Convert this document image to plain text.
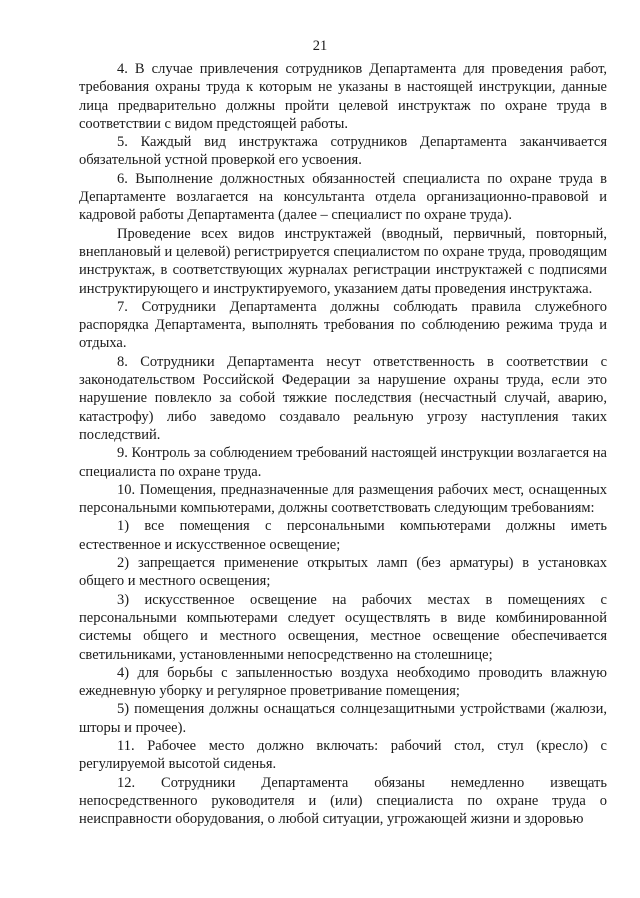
21

4. В случае привлечения сотрудников Департамента для проведения работ, требования охраны труда к которым не указаны в настоящей инструкции, данные лица предварительно должны пройти целевой инструктаж по охране труда в соответствии с видом предстоящей работы.

5. Каждый вид инструктажа сотрудников Департамента заканчивается обязательной устной проверкой его усвоения.

6. Выполнение должностных обязанностей специалиста по охране труда в Департаменте возлагается на консультанта отдела организационно-правовой и кадровой работы Департамента (далее – специалист по охране труда).

Проведение всех видов инструктажей (вводный, первичный, повторный, внеплановый и целевой) регистрируется специалистом по охране труда, проводящим инструктаж, в соответствующих журналах регистрации инструктажей с подписями инструктирующего и инструктируемого, указанием даты проведения инструктажа.

7. Сотрудники Департамента должны соблюдать правила служебного распорядка Департамента, выполнять требования по соблюдению режима труда и отдыха.

8. Сотрудники Департамента несут ответственность в соответствии с законодательством Российской Федерации за нарушение охраны труда, если это нарушение повлекло за собой тяжкие последствия (несчастный случай, аварию, катастрофу) либо заведомо создавало реальную угрозу наступления таких последствий.

9. Контроль за соблюдением требований настоящей инструкции возлагается на специалиста по охране труда.

10. Помещения, предназначенные для размещения рабочих мест, оснащенных персональными компьютерами, должны соответствовать следующим требованиям:

1) все помещения с персональными компьютерами должны иметь естественное и искусственное освещение;

2) запрещается применение открытых ламп (без арматуры) в установках общего и местного освещения;

3) искусственное освещение на рабочих местах в помещениях с персональными компьютерами следует осуществлять в виде комбинированной системы общего и местного освещения, местное освещение обеспечивается светильниками, установленными непосредственно на столешнице;

4) для борьбы с запыленностью воздуха необходимо проводить влажную ежедневную уборку и регулярное проветривание помещения;

5) помещения должны оснащаться солнцезащитными устройствами (жалюзи, шторы и прочее).

11. Рабочее место должно включать: рабочий стол, стул (кресло) с регулируемой высотой сиденья.

12. Сотрудники Департамента обязаны немедленно извещать непосредственного руководителя и (или) специалиста по охране труда о неисправности оборудования, о любой ситуации, угрожающей жизни и здоровью
